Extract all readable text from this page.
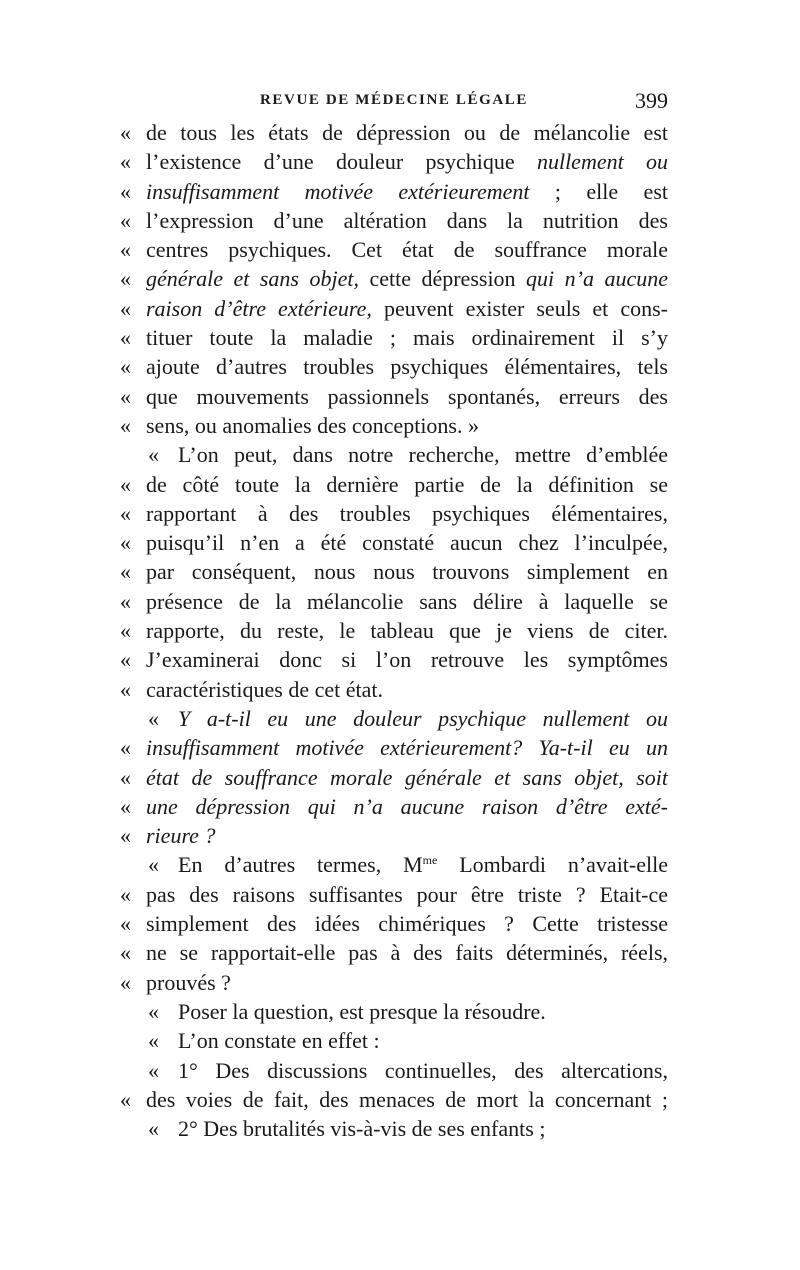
REVUE DE MÉDECINE LÉGALE	399
« de tous les états de dépression ou de mélancolie est
« l’existence d’une douleur psychique nullement ou
« insuffisamment motivée extérieurement ; elle est
« l’expression d’une altération dans la nutrition des
« centres psychiques. Cet état de souffrance morale
« générale et sans objet, cette dépression qui n’a aucune
« raison d’être extérieure, peuvent exister seuls et cons-
« tituer toute la maladie ; mais ordinairement il s’y
« ajoute d’autres troubles psychiques élémentaires, tels
« que mouvements passionnels spontanés, erreurs des
« sens, ou anomalies des conceptions. »
« L’on peut, dans notre recherche, mettre d’emblée
« de côté toute la dernière partie de la définition se
« rapportant à des troubles psychiques élémentaires,
« puisqu’il n’en a été constaté aucun chez l’inculpée,
« par conséquent, nous nous trouvons simplement en
« présence de la mélancolie sans délire à laquelle se
« rapporte, du reste, le tableau que je viens de citer.
« J’examinerai donc si l’on retrouve les symptômes
« caractéristiques de cet état.
« Y a-t-il eu une douleur psychique nullement ou
« insuffisamment motivée extérieurement? Ya-t-il eu un
« état de souffrance morale générale et sans objet, soit
« une dépression qui n’a aucune raison d’être exté-
« rieure ?
« En d’autres termes, $M^{me}$ Lombardi n’avait-elle
« pas des raisons suffisantes pour être triste ? Etait-ce
« simplement des idées chimériques ? Cette tristesse
« ne se rapportait-elle pas à des faits déterminés, réels,
« prouvés ?
« Poser la question, est presque la résoudre.
« L’on constate en effet :
« 1° Des discussions continuelles, des altercations,
« des voies de fait, des menaces de mort la concernant ;
« 2° Des brutalités vis-à-vis de ses enfants ;
